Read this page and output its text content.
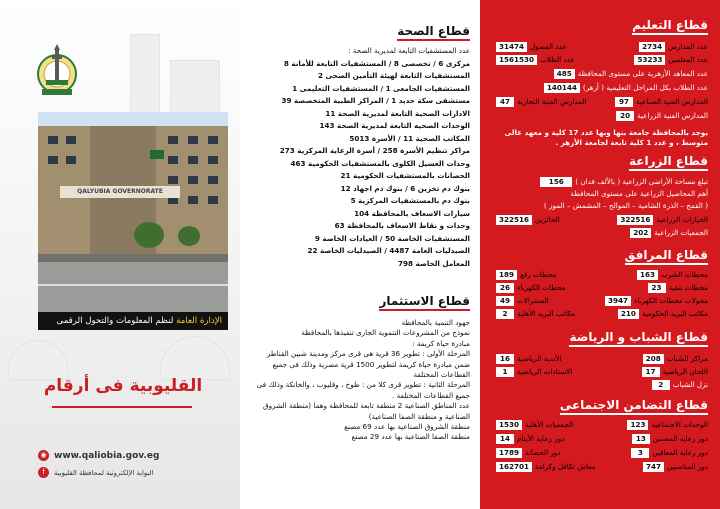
QALYUBIA GOVERNORATE
الإدارة العامة لنظم المعلومات والتحول الرقمى
القليوبية فى أرقام
◉ www.qaliobia.gov.eg
البوابة الإلكترونية لمحافظة القليوبية
f
قطاع الصحة
عدد المستشفيات التابعة لمديرية الصحة :
مركزى 6 / تخصصى 8 / المستشفيات التابعة للأمانة 8
المستشفيات التابعة لهيئة التأمين الصحى 2
المستشفيات الجامعى 1 / المستشفيات التعليمى 1
مستشفى سكة حديد 1 / المراكز الطبية المتخصصة 39
الادارات الصحية التابعة لمديرية الصحة 11
الوحدات الصحيه التابعة لمديرية الصحة 143
المكاتب الصحية 11 / الأسرة 5013
مراكز تنظيم الأسرة 258 / أسرة الرعاية المركزية 273
وحدات الغسيل الكلوى بالمستشفيات الحكومية 463
الحضانات بالمستشفيات الحكومية 21
بنوك دم تخزين 6 / بنوك دم اجهاد 12
بنوك دم بالمستشفيات المركزية 5
سيارات الاسعاف بالمحافظة 104
وحدات و نقاط الاسعاف بالمحافظة 63
المستشفيات الخاصة 50 / العيادات الخاصة 9
الصيدليات العامة 4487 / الصيدليات الخاصة 22
المعامل الخاصة 798
قطاع الاستثمار
جهود التنمية بالمحافظة
نموذج من المشروعات التنموية الجارى تنفيذها بالمحافظة
مبادرة حياة كريمة :
المرحلة الأولى : تطوير 36 قرية هى قرى مركز ومدينة شبين القناطر ضمن مبادرة حياة كريمة لتطوير 1500 قرية مصرية وذلك فى جميع القطاعات المختلفة
المرحلة الثانية : تطوير قرى كلا من : طوخ ، وقليوب ، والخانكة وذلك فى جميع القطاعات المختلفة .
عدد المناطق الصناعية 2 منطقة تابعة للمحافظة وهما (منطقة الشروق الصناعية و منطقة الصفا الصناعية)
منطقة الشروق الصناعية بها عدد 69 مصنع
منطقة الصفا الصناعية بها عدد 29 مصنع
قطاع التعليم
عدد المدارس
2734
عدد الفصول
31474
عدد المعلمين
53233
عدد الطلاب
1561530
عدد المعاهد الأزهرية على مستوى المحافظة
485
عدد الطلاب بكل المراحل التعليمية ( أزهر)
140144
المدارس الفنية الصناعية
97
المدارس الفنية التجارية
47
المدارس الفنية الزراعية
20
يوجد بالمحافظة جامعة بنها وبها عدد 17 كلية و معهد عالى متوسط ، و عدد 1 كلية تابعة لجامعة الأزهر .
قطاع الزراعة
تبلغ مساحة الأراضى الزراعية ( بالألف فدان )
156
أهم المحاصيل الزراعية على مستوى المحافظة
( القمح – الذرة الشامية – الموالح – المشمش – الموز )
الحيازات الزراعية
322516
الحائزين
322516
الجمعيات الزراعية
202
قطاع المرافق
محطات الشرب
163
محطات رفع
189
محطات تنقية
23
محطات الكهرباء
26
محولات محطات الكهرباء
3947
السنترالات
49
مكاتب البريد الحكومية
210
مكاتب البريد الأهلية
2
قطاع الشباب و الرياضة
مراكز الشباب
208
الأندية الرياضية
16
اللجان الرياضية
17
الاستادات الرياضية
1
نزل الشباب
2
قطاع التضامن الاجتماعى
الوحدات الاجتماعية
123
الجمعيات الأهلية
1530
دور رعاية المسنين
13
دور رعاية الأيتام
14
دور رعاية المعاقين
3
دور الحضانة
1789
دور المناسبين
747
معاش تكافل وكرامة
162701
